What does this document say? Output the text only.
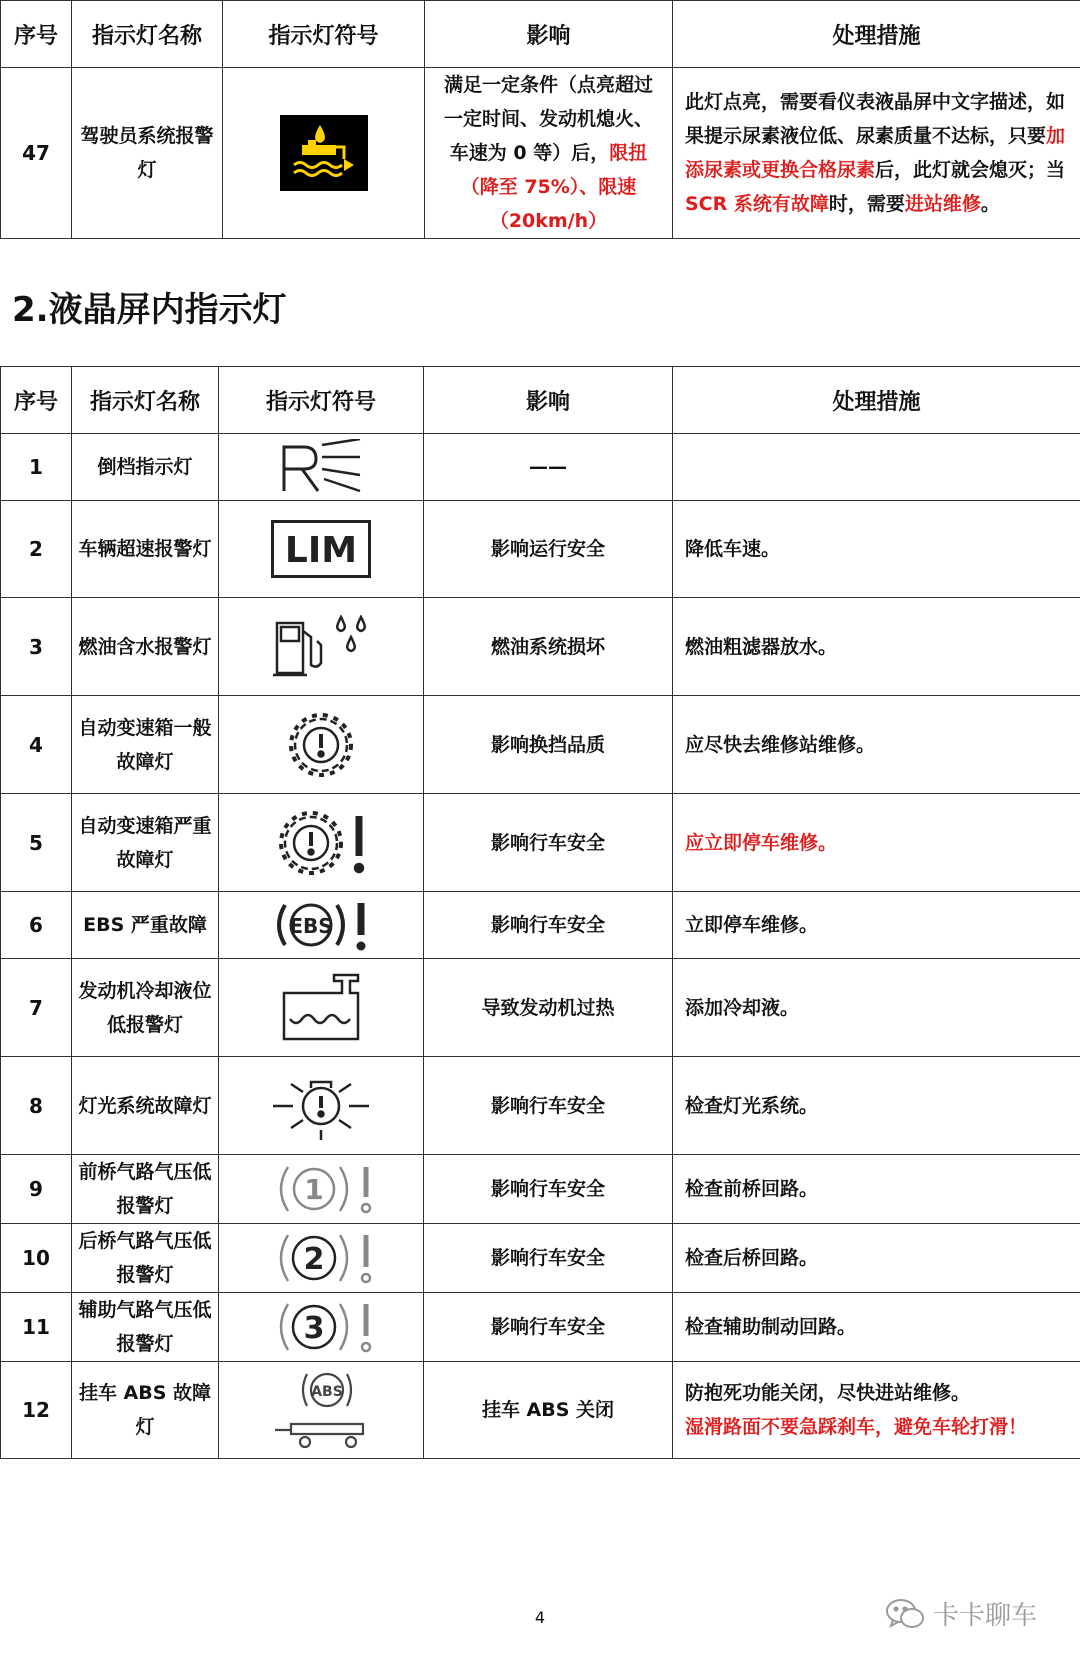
序号	指示灯名称	指示灯符号	影响	处理措施
47	驾驶员系统报警灯		满足一定条件（点亮超过一定时间、发动机熄火、车速为 0 等）后，限扭（降至 75%）、限速（20km/h）	此灯点亮，需要看仪表液晶屏中文字描述，如果提示尿素液位低、尿素质量不达标，只要加添尿素或更换合格尿素后，此灯就会熄灭；当 SCR 系统有故障时，需要进站维修。
2.液晶屏内指示灯
序号	指示灯名称	指示灯符号	影响	处理措施
1	倒档指示灯		——	
2	车辆超速报警灯	LIM	影响运行安全	降低车速。
3	燃油含水报警灯		燃油系统损坏	燃油粗滤器放水。
4	自动变速箱一般故障灯		影响换挡品质	应尽快去维修站维修。
5	自动变速箱严重故障灯		影响行车安全	应立即停车维修。
6	EBS 严重故障	EBS	影响行车安全	立即停车维修。
7	发动机冷却液位低报警灯		导致发动机过热	添加冷却液。
8	灯光系统故障灯		影响行车安全	检查灯光系统。
9	前桥气路气压低报警灯	1	影响行车安全	检查前桥回路。
10	后桥气路气压低报警灯	2	影响行车安全	检查后桥回路。
11	辅助气路气压低报警灯	3	影响行车安全	检查辅助制动回路。
12	挂车 ABS 故障灯	ABS	挂车 ABS 关闭	防抱死功能关闭，尽快进站维修。
湿滑路面不要急踩刹车，避免车轮打滑！
4	卡卡聊车
